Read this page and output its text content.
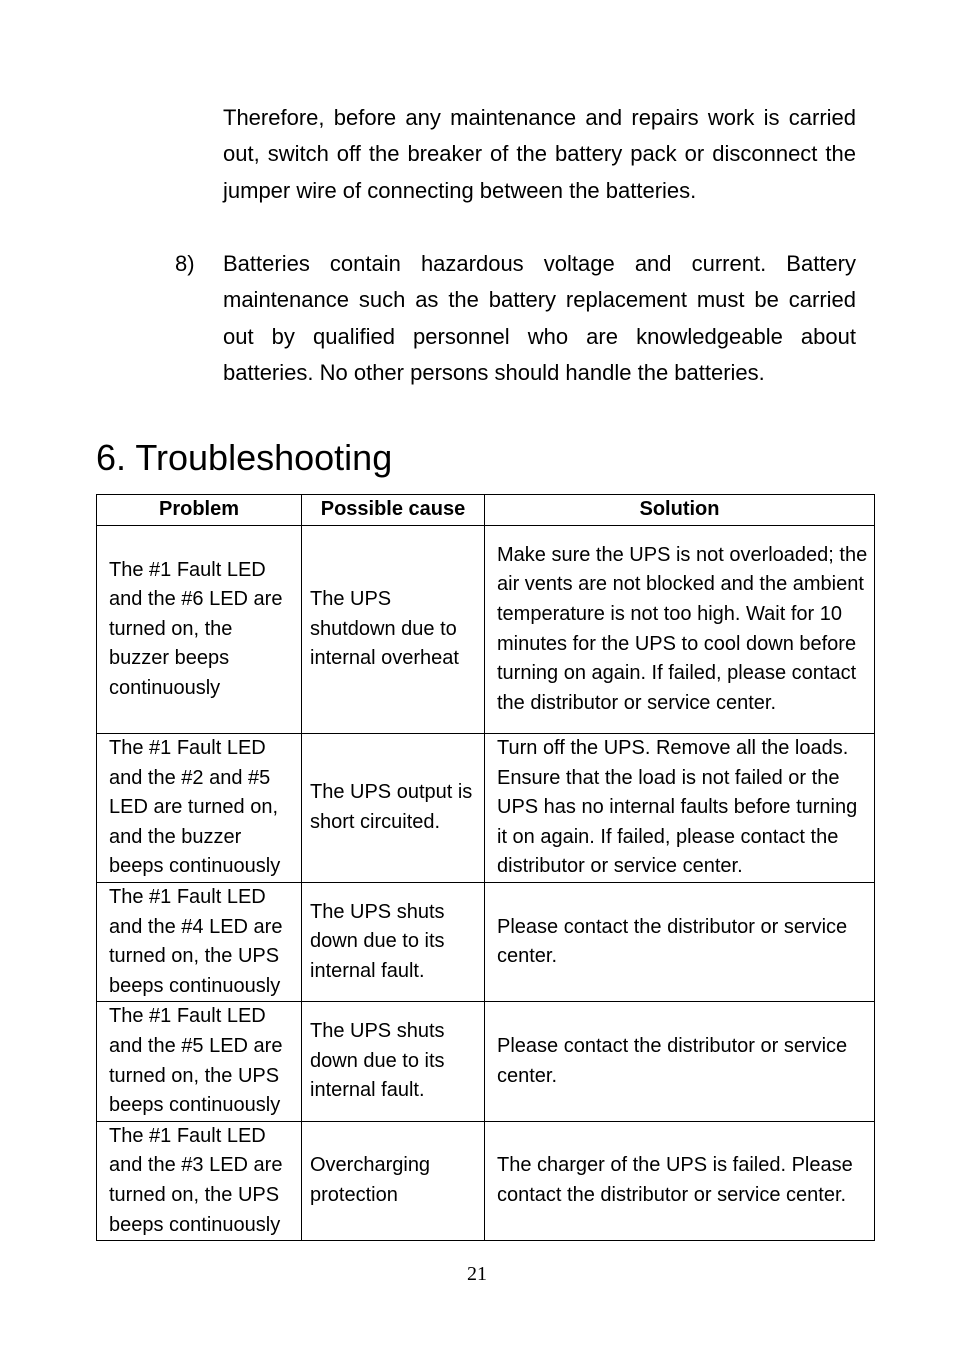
Therefore, before any maintenance and repairs work is carried out, switch off the breaker of the battery pack or disconnect the jumper wire of connecting between the batteries.

8) Batteries contain hazardous voltage and current. Battery maintenance such as the battery replacement must be carried out by qualified personnel who are knowledgeable about batteries. No other persons should handle the batteries.

6. Troubleshooting
Problem	Possible cause	Solution
The #1 Fault LED and the #6 LED are turned on, the buzzer beeps continuously	The UPS shutdown due to internal overheat	Make sure the UPS is not overloaded; the air vents are not blocked and the ambient temperature is not too high. Wait for 10 minutes for the UPS to cool down before turning on again. If failed, please contact the distributor or service center.
The #1 Fault LED and the #2 and #5 LED are turned on, and the buzzer beeps continuously	The UPS output is short circuited.	Turn off the UPS. Remove all the loads. Ensure that the load is not failed or the UPS has no internal faults before turning it on again. If failed, please contact the distributor or service center.
The #1 Fault LED and the #4 LED are turned on, the UPS beeps continuously	The UPS shuts down due to its internal fault.	Please contact the distributor or service center.
The #1 Fault LED and the #5 LED are turned on, the UPS beeps continuously	The UPS shuts down due to its internal fault.	Please contact the distributor or service center.
The #1 Fault LED and the #3 LED are turned on, the UPS beeps continuously	Overcharging protection	The charger of the UPS is failed. Please contact the distributor or service center.
21
